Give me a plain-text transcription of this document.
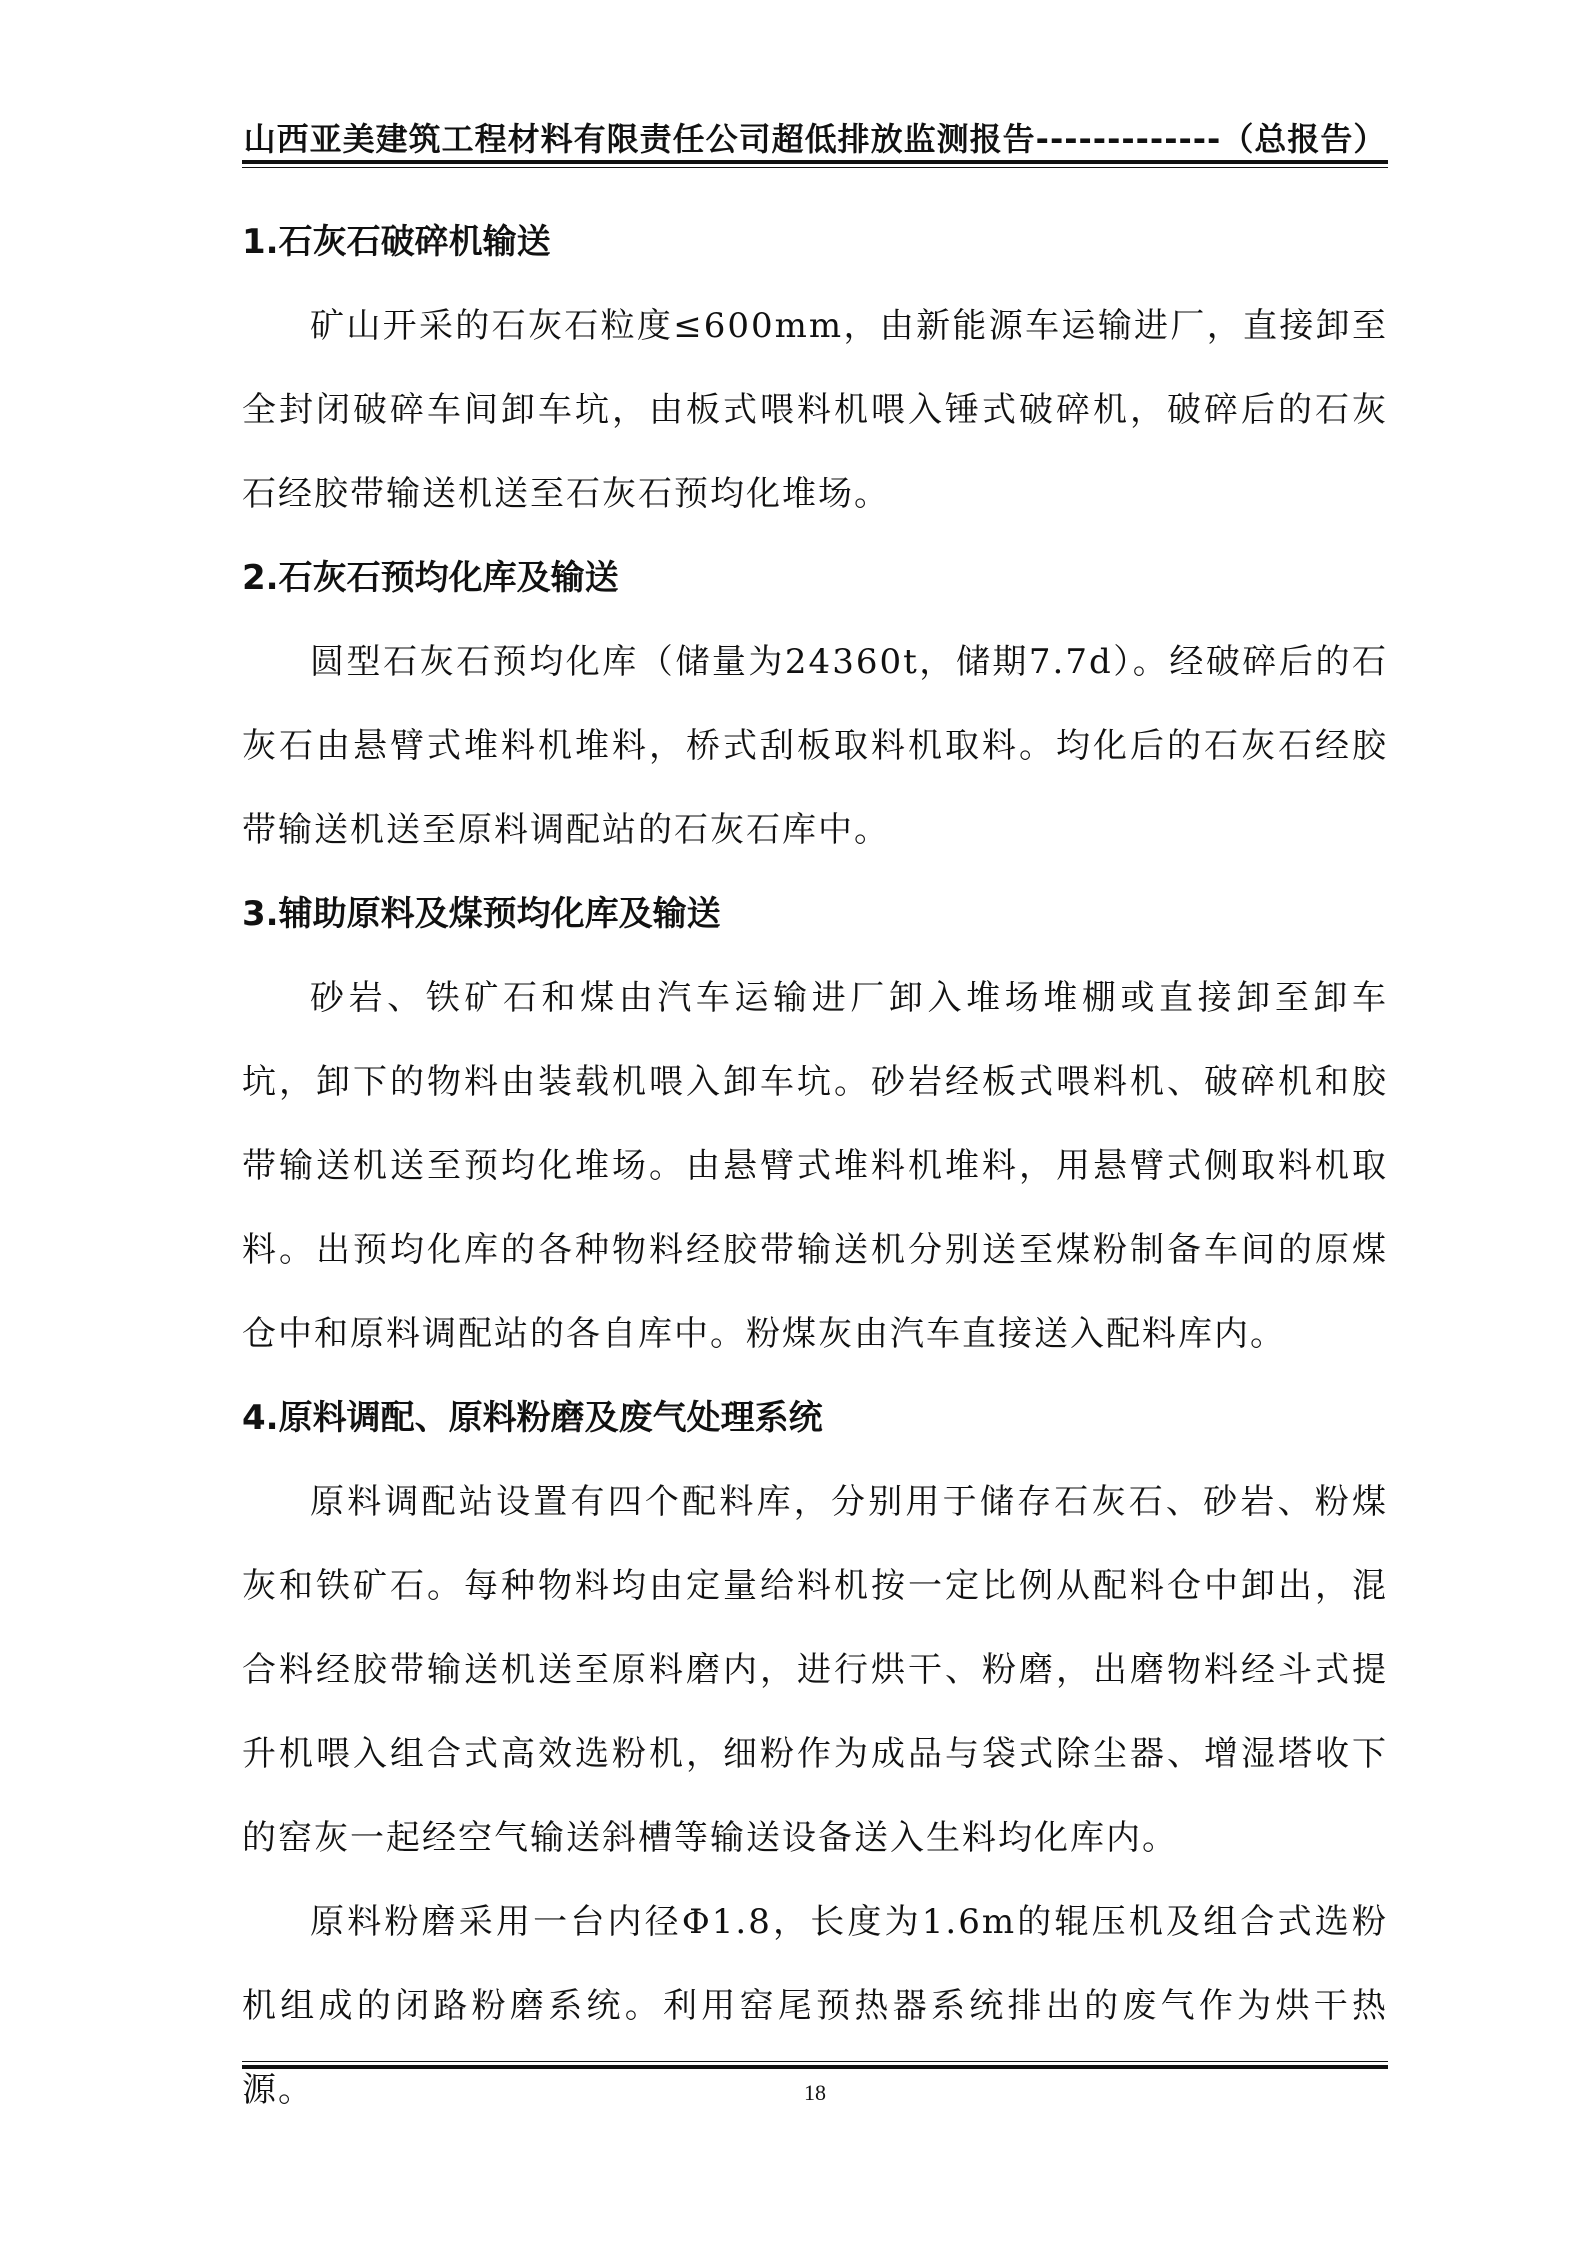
山西亚美建筑工程材料有限责任公司超低排放监测报告-------------（总报告）

1.石灰石破碎机输送

矿山开采的石灰石粒度≤600mm，由新能源车运输进厂，直接卸至全封闭破碎车间卸车坑，由板式喂料机喂入锤式破碎机，破碎后的石灰石经胶带输送机送至石灰石预均化堆场。

2.石灰石预均化库及输送

圆型石灰石预均化库（储量为24360t，储期7.7d）。经破碎后的石灰石由悬臂式堆料机堆料，桥式刮板取料机取料。均化后的石灰石经胶带输送机送至原料调配站的石灰石库中。

3.辅助原料及煤预均化库及输送

砂岩、铁矿石和煤由汽车运输进厂卸入堆场堆棚或直接卸至卸车坑，卸下的物料由装载机喂入卸车坑。砂岩经板式喂料机、破碎机和胶带输送机送至预均化堆场。由悬臂式堆料机堆料，用悬臂式侧取料机取料。出预均化库的各种物料经胶带输送机分别送至煤粉制备车间的原煤仓中和原料调配站的各自库中。粉煤灰由汽车直接送入配料库内。

4.原料调配、原料粉磨及废气处理系统

原料调配站设置有四个配料库，分别用于储存石灰石、砂岩、粉煤灰和铁矿石。每种物料均由定量给料机按一定比例从配料仓中卸出，混合料经胶带输送机送至原料磨内，进行烘干、粉磨，出磨物料经斗式提升机喂入组合式高效选粉机，细粉作为成品与袋式除尘器、增湿塔收下的窑灰一起经空气输送斜槽等输送设备送入生料均化库内。

原料粉磨采用一台内径Φ1.8，长度为1.6m的辊压机及组合式选粉机组成的闭路粉磨系统。利用窑尾预热器系统排出的废气作为烘干热源。	18
